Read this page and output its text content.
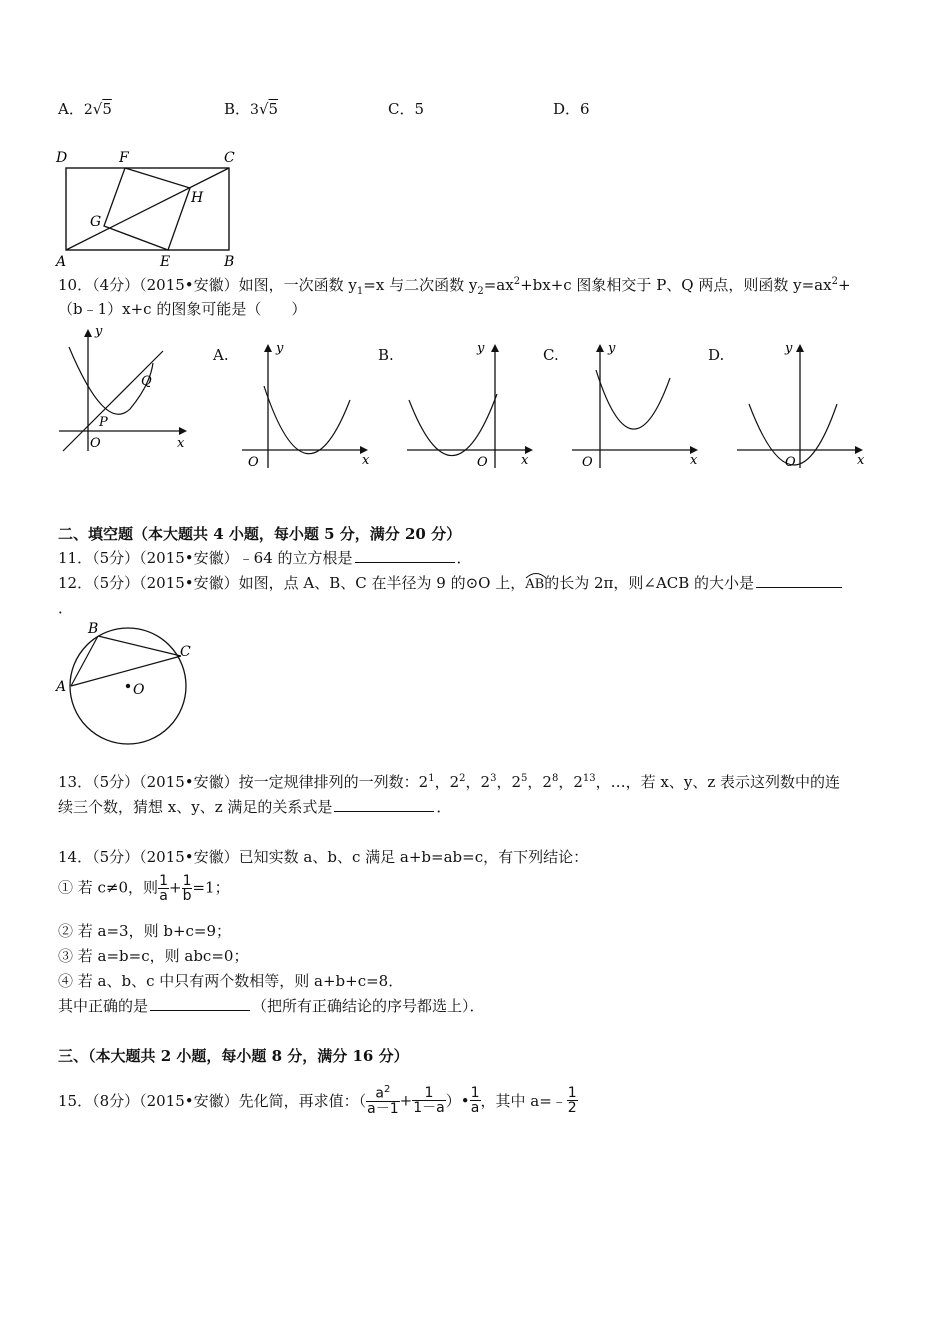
A．2√5	B．3√5	C．5	D．6
D	F	C
H
G
A	E	B
10．（4分）（2015•安徽）如图，一次函数 $y_1=x$ 与二次函数 $y_2=ax^2+bx+c$ 图象相交于 P、Q 两点，则函数 $y=ax^2+$
（b﹣1）x+c 的图象可能是（　　）
y
x
O
P
Q
A.	y
x
O
B.	y
x
O
C.	y
x
O
D.	y
x
O
二、填空题（本大题共 4 小题，每小题 5 分，满分 20 分）
11．（5分）（2015•安徽）﹣64 的立方根是	．
12．（5分）（2015•安徽）如图，点 A、B、C 在半径为 9 的⊙O 上，
AB的长为 2π，则∠ACB 的大小是
．
B
C
A	O
13．（5分）（2015•安徽）按一定规律排列的一列数：$2^1$，$2^2$，$2^3$，$2^5$，$2^8$，$2^{13}$，…，若 x、y、z 表示这列数中的连
续三个数，猜想 x、y、z 满足的关系式是	．
14．（5分）（2015•安徽）已知实数 a、b、c 满足 a+b=ab=c，有下列结论：
① 若 c≠0，则 $\frac{1}{a} + \frac{1}{b} =1$；
② 若 a=3，则 b+c=9；
③ 若 a=b=c，则 abc=0；
④ 若 a、b、c 中只有两个数相等，则 a+b+c=8．
其中正确的是	（把所有正确结论的序号都选上）．
三、（本大题共 2 小题，每小题 8 分，满分 16 分）
15．（8分）（2015•安徽）先化简，再求值：（ $\frac{a^2}{a-1} + \frac{1}{1-a}$ ）• $\frac{1}{a}$ ，其中 a=﹣ $\frac{1}{2}$
